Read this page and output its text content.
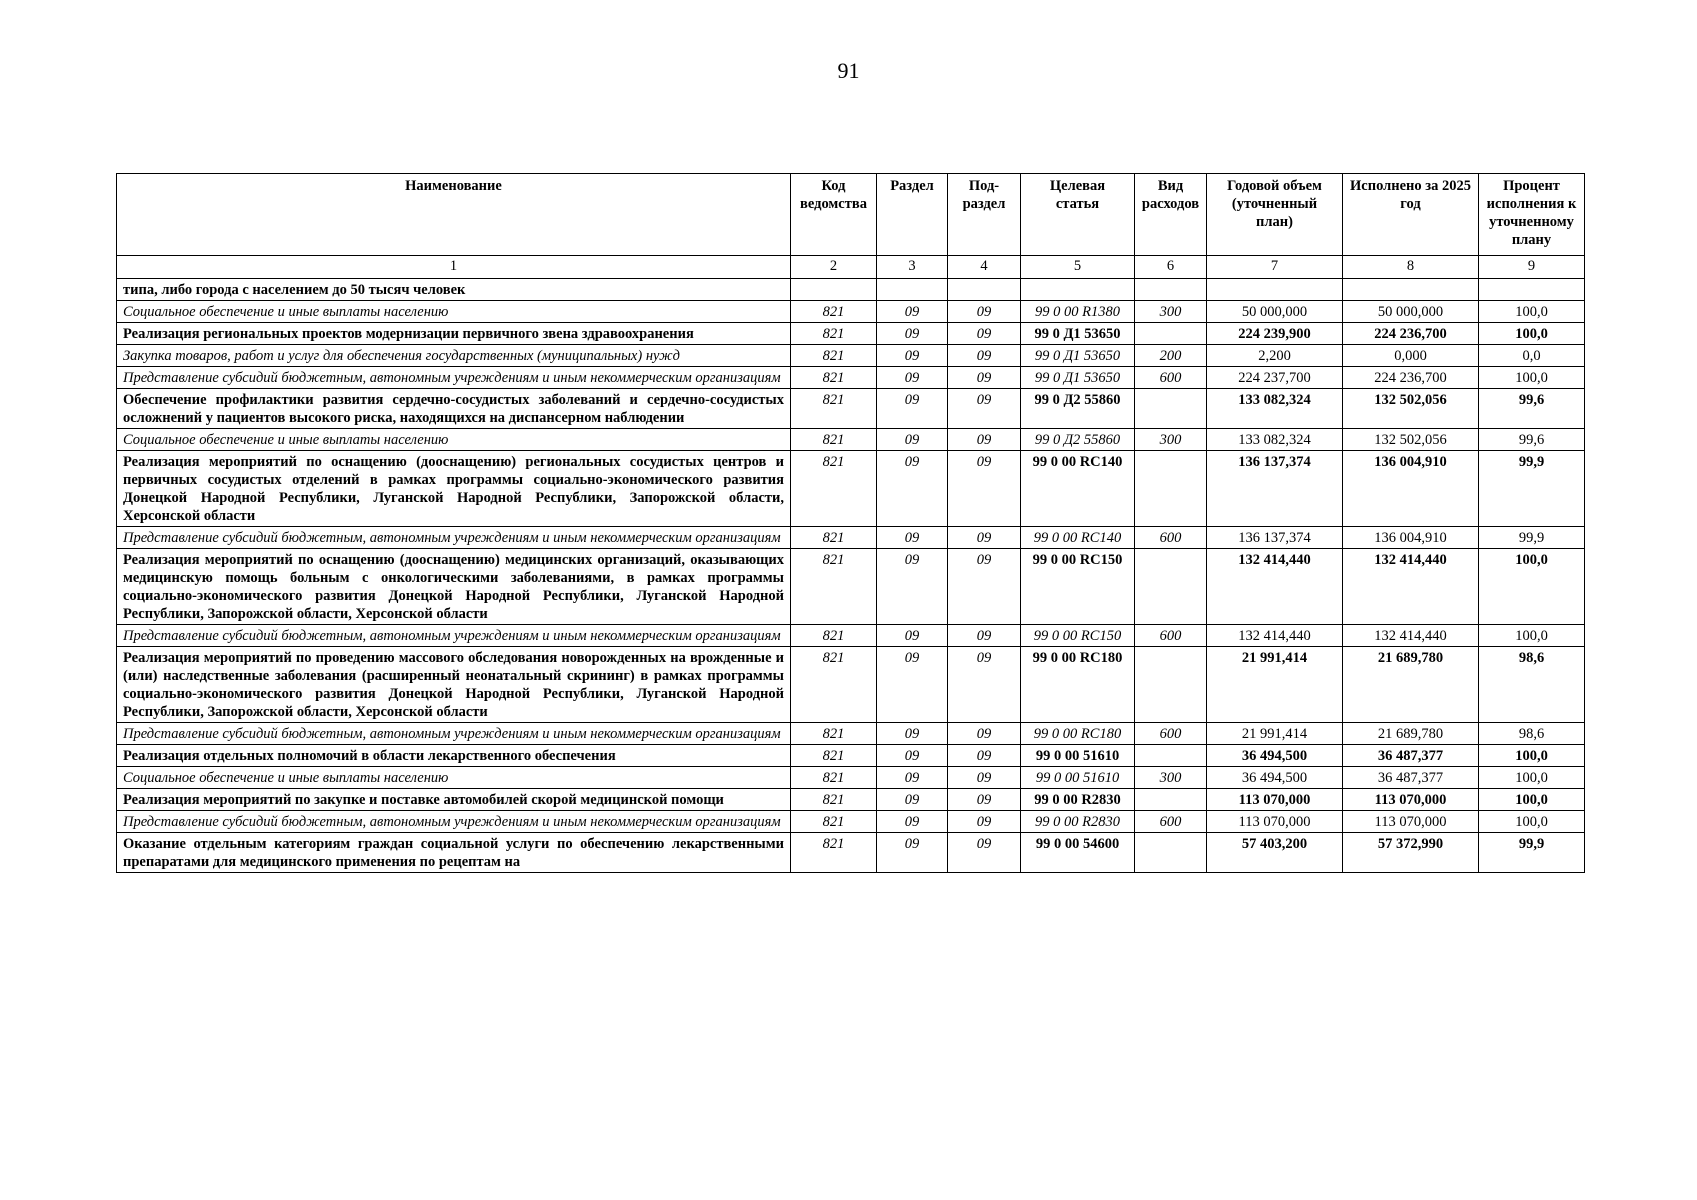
91
Наименование	Код ведомства	Раздел	Под-раздел	Целевая статья	Вид расходов	Годовой объем (уточненный план)	Исполнено за 2025 год	Процент исполнения к уточненному плану
1	2	3	4	5	6	7	8	9
типа, либо города с населением до 50 тысяч человек								
Социальное обеспечение и иные выплаты населению	821	09	09	99 0 00 R1380	300	50 000,000	50 000,000	100,0
Реализация региональных проектов модернизации первичного звена здравоохранения	821	09	09	99 0 Д1 53650		224 239,900	224 236,700	100,0
Закупка товаров, работ и услуг для обеспечения государственных (муниципальных) нужд	821	09	09	99 0 Д1 53650	200	2,200	0,000	0,0
Представление субсидий бюджетным, автономным учреждениям и иным некоммерческим организациям	821	09	09	99 0 Д1 53650	600	224 237,700	224 236,700	100,0
Обеспечение профилактики развития сердечно-сосудистых заболеваний и сердечно-сосудистых осложнений у пациентов высокого риска, находящихся на диспансерном наблюдении	821	09	09	99 0 Д2 55860		133 082,324	132 502,056	99,6
Социальное обеспечение и иные выплаты населению	821	09	09	99 0 Д2 55860	300	133 082,324	132 502,056	99,6
Реализация мероприятий по оснащению (дооснащению) региональных сосудистых центров и первичных сосудистых отделений в рамках программы социально-экономического развития Донецкой Народной Республики, Луганской Народной Республики, Запорожской области, Херсонской области	821	09	09	99 0 00 RC140		136 137,374	136 004,910	99,9
Представление субсидий бюджетным, автономным учреждениям и иным некоммерческим организациям	821	09	09	99 0 00 RC140	600	136 137,374	136 004,910	99,9
Реализация мероприятий по оснащению (дооснащению) медицинских организаций, оказывающих медицинскую помощь больным с онкологическими заболеваниями, в рамках программы социально-экономического развития Донецкой Народной Республики, Луганской Народной Республики, Запорожской области, Херсонской области	821	09	09	99 0 00 RC150		132 414,440	132 414,440	100,0
Представление субсидий бюджетным, автономным учреждениям и иным некоммерческим организациям	821	09	09	99 0 00 RC150	600	132 414,440	132 414,440	100,0
Реализация мероприятий по проведению массового обследования новорожденных на врожденные и (или) наследственные заболевания (расширенный неонатальный скрининг) в рамках программы социально-экономического развития Донецкой Народной Республики, Луганской Народной Республики, Запорожской области, Херсонской области	821	09	09	99 0 00 RC180		21 991,414	21 689,780	98,6
Представление субсидий бюджетным, автономным учреждениям и иным некоммерческим организациям	821	09	09	99 0 00 RC180	600	21 991,414	21 689,780	98,6
Реализация отдельных полномочий в области лекарственного обеспечения	821	09	09	99 0 00 51610		36 494,500	36 487,377	100,0
Социальное обеспечение и иные выплаты населению	821	09	09	99 0 00 51610	300	36 494,500	36 487,377	100,0
Реализация мероприятий по закупке и поставке автомобилей скорой медицинской помощи	821	09	09	99 0 00 R2830		113 070,000	113 070,000	100,0
Представление субсидий бюджетным, автономным учреждениям и иным некоммерческим организациям	821	09	09	99 0 00 R2830	600	113 070,000	113 070,000	100,0
Оказание отдельным категориям граждан социальной услуги по обеспечению лекарственными препаратами для медицинского применения по рецептам на	821	09	09	99 0 00 54600		57 403,200	57 372,990	99,9
